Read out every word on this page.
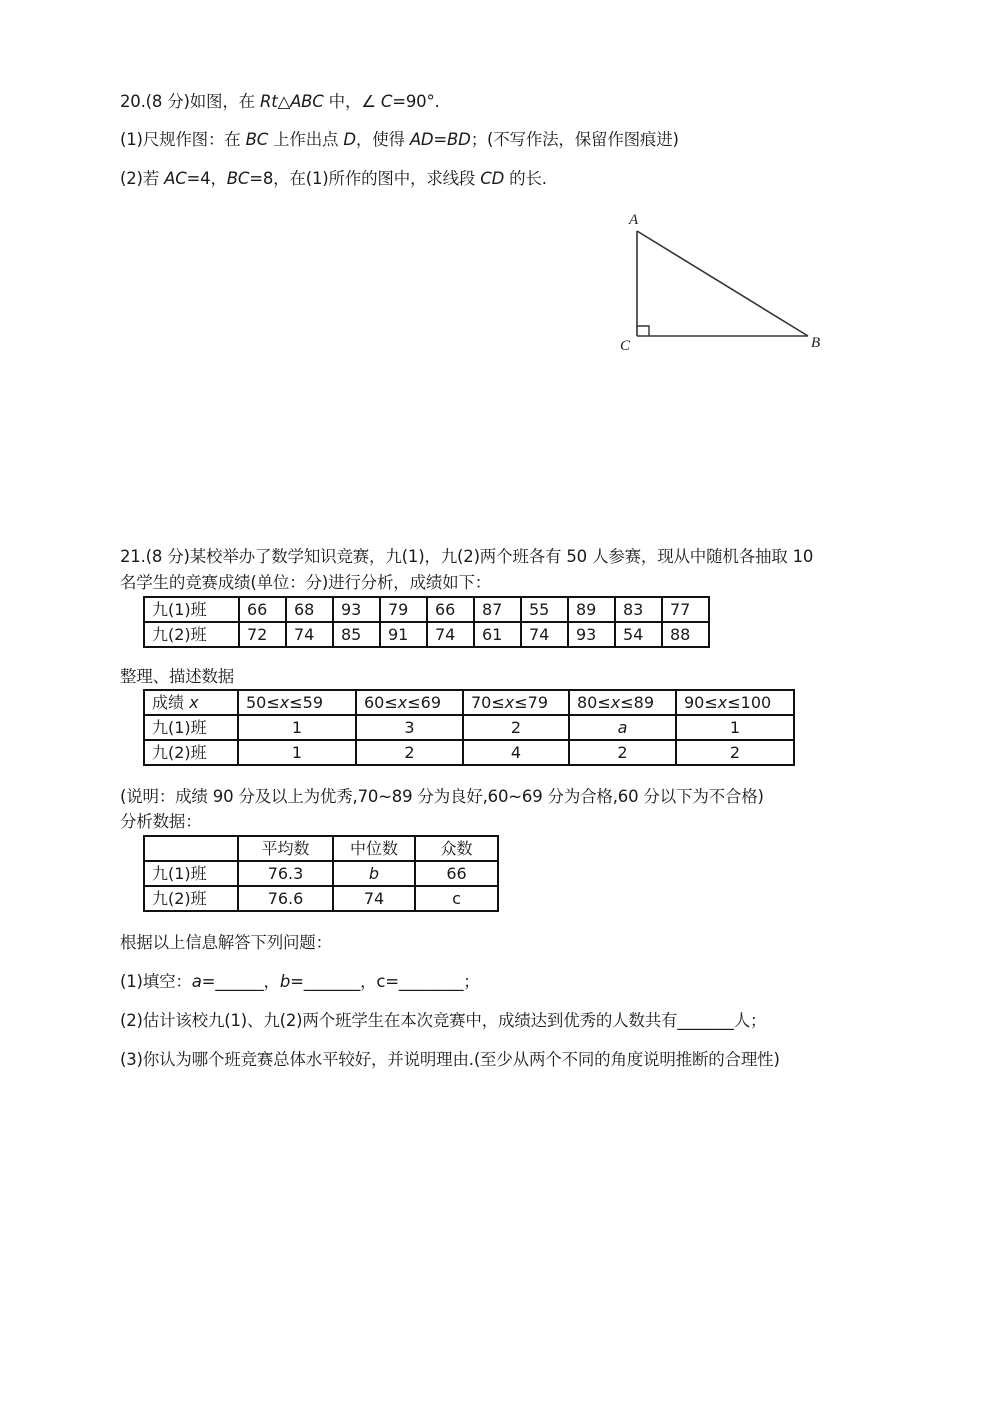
20.(8 分)如图，在 Rt△ABC 中，∠ C=90°.
(1)尺规作图：在 BC 上作出点 D，使得 AD=BD；(不写作法，保留作图痕进)
(2)若 AC=4，BC=8，在(1)所作的图中，求线段 CD 的长.
A
C	B
21.(8 分)某校举办了数学知识竞赛，九(1)，九(2)两个班各有 50 人参赛，现从中随机各抽取 10
名学生的竞赛成绩(单位：分)进行分析，成绩如下：
九(1)班	66	68	93	79	66	87	55	89	83	77
九(2)班	72	74	85	91	74	61	74	93	54	88
整理、描述数据
成绩 x	50≤x≤59	60≤x≤69	70≤x≤79	80≤x≤89	90≤x≤100
九(1)班	1	3	2	a	1
九(2)班	1	2	4	2	2
(说明：成绩 90 分及以上为优秀,70~89 分为良好,60~69 分为合格,60 分以下为不合格)
分析数据：
	平均数	中位数	众数
九(1)班	76.3	b	66
九(2)班	76.6	74	c
根据以上信息解答下列问题：
(1)填空：a=______，b=_______，c=________；
(2)估计该校九(1)、九(2)两个班学生在本次竞赛中，成绩达到优秀的人数共有_______人；
(3)你认为哪个班竞赛总体水平较好，并说明理由.(至少从两个不同的角度说明推断的合理性)
